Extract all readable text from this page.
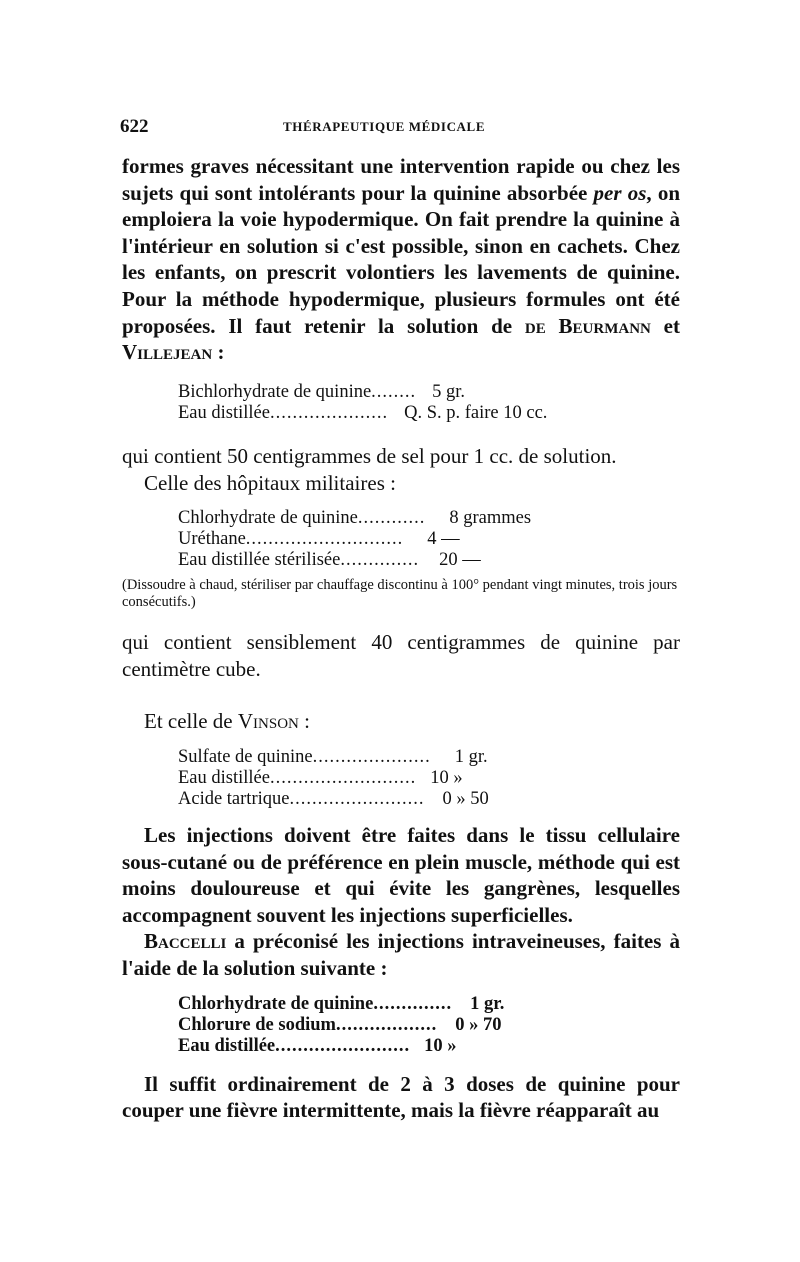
622	THÉRAPEUTIQUE MÉDICALE

formes graves nécessitant une intervention rapide ou chez les sujets qui sont intolérants pour la quinine absorbée per os, on emploiera la voie hypodermique. On fait prendre la quinine à l'intérieur en solution si c'est possible, sinon en cachets. Chez les enfants, on prescrit volontiers les lavements de quinine. Pour la méthode hypodermique, plusieurs formules ont été proposées. Il faut retenir la solution de de Beurmann et Villejean :

Bichlorhydrate de quinine ........ 5 gr.
Eau distillée ..................... Q. S. p. faire 10 cc.

qui contient 50 centigrammes de sel pour 1 cc. de solution.

Celle des hôpitaux militaires :

Chlorhydrate de quinine ............	8 grammes
Uréthane ............................	4 —
Eau distillée stérilisée ..............	20 —

(Dissoudre à chaud, stériliser par chauffage discontinu à 100° pendant vingt minutes, trois jours consécutifs.)

qui contient sensiblement 40 centigrammes de quinine par centimètre cube.

Et celle de Vinson :

Sulfate de quinine .....................	1 gr.
Eau distillée .......................... 10 »
Acide tartrique ........................ 0 » 50

Les injections doivent être faites dans le tissu cellulaire sous-cutané ou de préférence en plein muscle, méthode qui est moins douloureuse et qui évite les gangrènes, lesquelles accompagnent souvent les injections superficielles.

Baccelli a préconisé les injections intraveineuses, faites à l'aide de la solution suivante :

Chlorhydrate de quinine .............. 1 gr.
Chlorure de sodium .................. 0 » 70
Eau distillée ........................ 10 »

Il suffit ordinairement de 2 à 3 doses de quinine pour couper une fièvre intermittente, mais la fièvre réapparaît au
